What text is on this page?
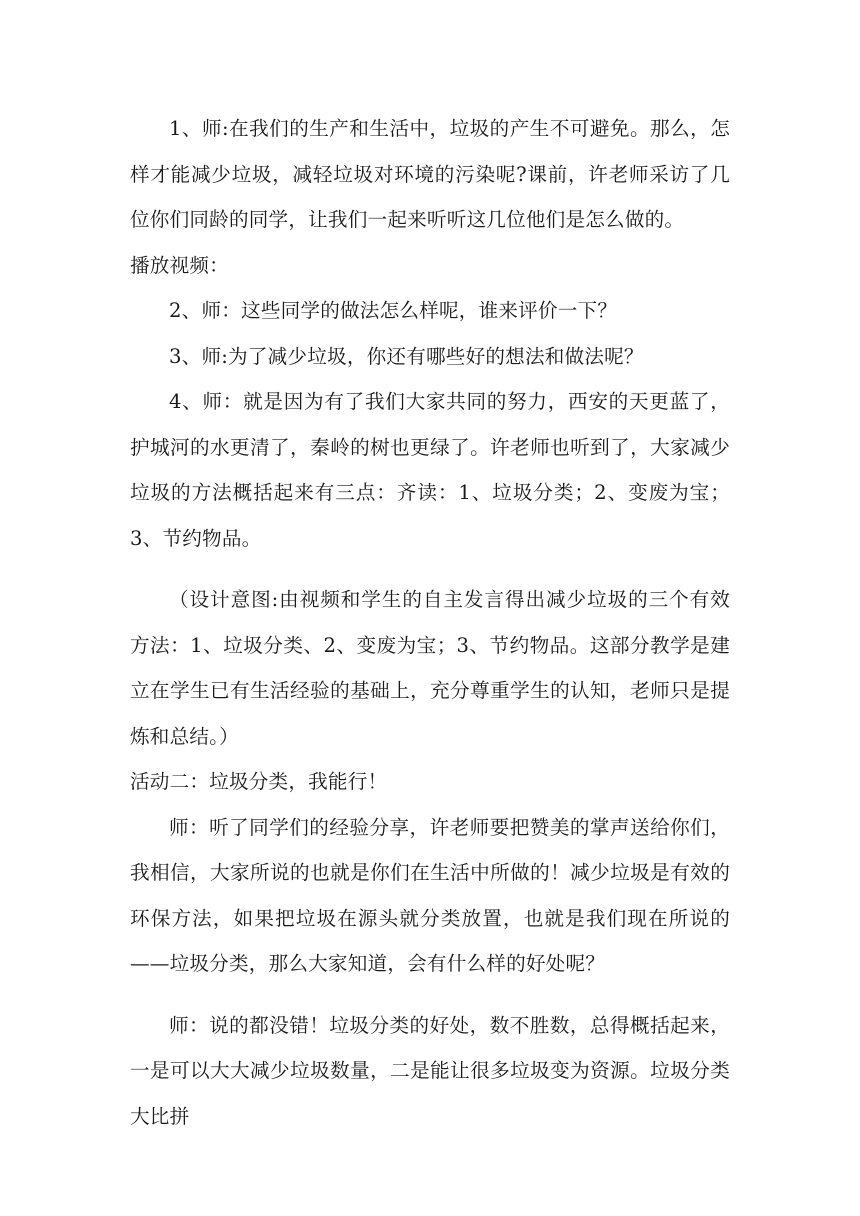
1、师:在我们的生产和生活中，垃圾的产生不可避免。那么，怎样才能减少垃圾，减轻垃圾对环境的污染呢?课前，许老师采访了几位你们同龄的同学，让我们一起来听听这几位他们是怎么做的。

播放视频：

2、师：这些同学的做法怎么样呢，谁来评价一下？

3、师:为了减少垃圾，你还有哪些好的想法和做法呢？

4、师：就是因为有了我们大家共同的努力，西安的天更蓝了，护城河的水更清了，秦岭的树也更绿了。许老师也听到了，大家减少垃圾的方法概括起来有三点：齐读：1、垃圾分类；2、变废为宝；3、节约物品。

（设计意图:由视频和学生的自主发言得出减少垃圾的三个有效方法：1、垃圾分类、2、变废为宝；3、节约物品。这部分教学是建立在学生已有生活经验的基础上，充分尊重学生的认知，老师只是提炼和总结。）

活动二：垃圾分类，我能行！

师：听了同学们的经验分享，许老师要把赞美的掌声送给你们，我相信，大家所说的也就是你们在生活中所做的！减少垃圾是有效的环保方法，如果把垃圾在源头就分类放置，也就是我们现在所说的——垃圾分类，那么大家知道，会有什么样的好处呢？

师：说的都没错！垃圾分类的好处，数不胜数，总得概括起来，一是可以大大减少垃圾数量，二是能让很多垃圾变为资源。垃圾分类大比拼
